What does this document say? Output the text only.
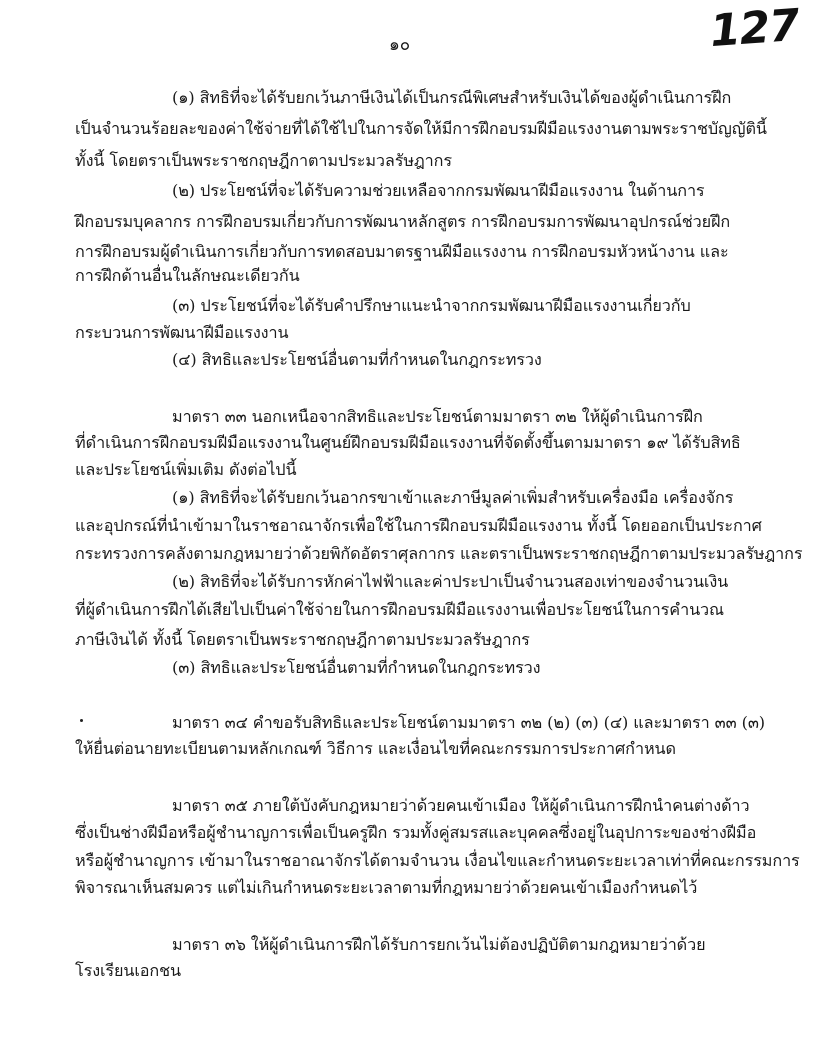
127
๑๐
(๑) สิทธิที่จะได้รับยกเว้นภาษีเงินได้เป็นกรณีพิเศษสำหรับเงินได้ของผู้ดำเนินการฝึก
เป็นจำนวนร้อยละของค่าใช้จ่ายที่ได้ใช้ไปในการจัดให้มีการฝึกอบรมฝีมือแรงงานตามพระราชบัญญัตินี้
ทั้งนี้ โดยตราเป็นพระราชกฤษฎีกาตามประมวลรัษฎากร
(๒) ประโยชน์ที่จะได้รับความช่วยเหลือจากกรมพัฒนาฝีมือแรงงาน ในด้านการ
ฝึกอบรมบุคลากร การฝึกอบรมเกี่ยวกับการพัฒนาหลักสูตร การฝึกอบรมการพัฒนาอุปกรณ์ช่วยฝึก
การฝึกอบรมผู้ดำเนินการเกี่ยวกับการทดสอบมาตรฐานฝีมือแรงงาน การฝึกอบรมหัวหน้างาน และ
การฝึกด้านอื่นในลักษณะเดียวกัน
(๓) ประโยชน์ที่จะได้รับคำปรึกษาแนะนำจากกรมพัฒนาฝีมือแรงงานเกี่ยวกับ
กระบวนการพัฒนาฝีมือแรงงาน
(๔) สิทธิและประโยชน์อื่นตามที่กำหนดในกฎกระทรวง
มาตรา ๓๓ นอกเหนือจากสิทธิและประโยชน์ตามมาตรา ๓๒ ให้ผู้ดำเนินการฝึก
ที่ดำเนินการฝึกอบรมฝีมือแรงงานในศูนย์ฝึกอบรมฝีมือแรงงานที่จัดตั้งขึ้นตามมาตรา ๑๙ ได้รับสิทธิ
และประโยชน์เพิ่มเติม ดังต่อไปนี้
(๑) สิทธิที่จะได้รับยกเว้นอากรขาเข้าและภาษีมูลค่าเพิ่มสำหรับเครื่องมือ เครื่องจักร
และอุปกรณ์ที่นำเข้ามาในราชอาณาจักรเพื่อใช้ในการฝึกอบรมฝีมือแรงงาน ทั้งนี้ โดยออกเป็นประกาศ
กระทรวงการคลังตามกฎหมายว่าด้วยพิกัดอัตราศุลกากร และตราเป็นพระราชกฤษฎีกาตามประมวลรัษฎากร
(๒) สิทธิที่จะได้รับการหักค่าไฟฟ้าและค่าประปาเป็นจำนวนสองเท่าของจำนวนเงิน
ที่ผู้ดำเนินการฝึกได้เสียไปเป็นค่าใช้จ่ายในการฝึกอบรมฝีมือแรงงานเพื่อประโยชน์ในการคำนวณ
ภาษีเงินได้ ทั้งนี้ โดยตราเป็นพระราชกฤษฎีกาตามประมวลรัษฎากร
(๓) สิทธิและประโยชน์อื่นตามที่กำหนดในกฎกระทรวง
มาตรา ๓๔ คำขอรับสิทธิและประโยชน์ตามมาตรา ๓๒ (๒) (๓) (๔) และมาตรา ๓๓ (๓)
ให้ยื่นต่อนายทะเบียนตามหลักเกณฑ์ วิธีการ และเงื่อนไขที่คณะกรรมการประกาศกำหนด
มาตรา ๓๕ ภายใต้บังคับกฎหมายว่าด้วยคนเข้าเมือง ให้ผู้ดำเนินการฝึกนำคนต่างด้าว
ซึ่งเป็นช่างฝีมือหรือผู้ชำนาญการเพื่อเป็นครูฝึก รวมทั้งคู่สมรสและบุคคลซึ่งอยู่ในอุปการะของช่างฝีมือ
หรือผู้ชำนาญการ เข้ามาในราชอาณาจักรได้ตามจำนวน เงื่อนไขและกำหนดระยะเวลาเท่าที่คณะกรรมการ
พิจารณาเห็นสมควร แต่ไม่เกินกำหนดระยะเวลาตามที่กฎหมายว่าด้วยคนเข้าเมืองกำหนดไว้
มาตรา ๓๖ ให้ผู้ดำเนินการฝึกได้รับการยกเว้นไม่ต้องปฏิบัติตามกฎหมายว่าด้วย
โรงเรียนเอกชน
